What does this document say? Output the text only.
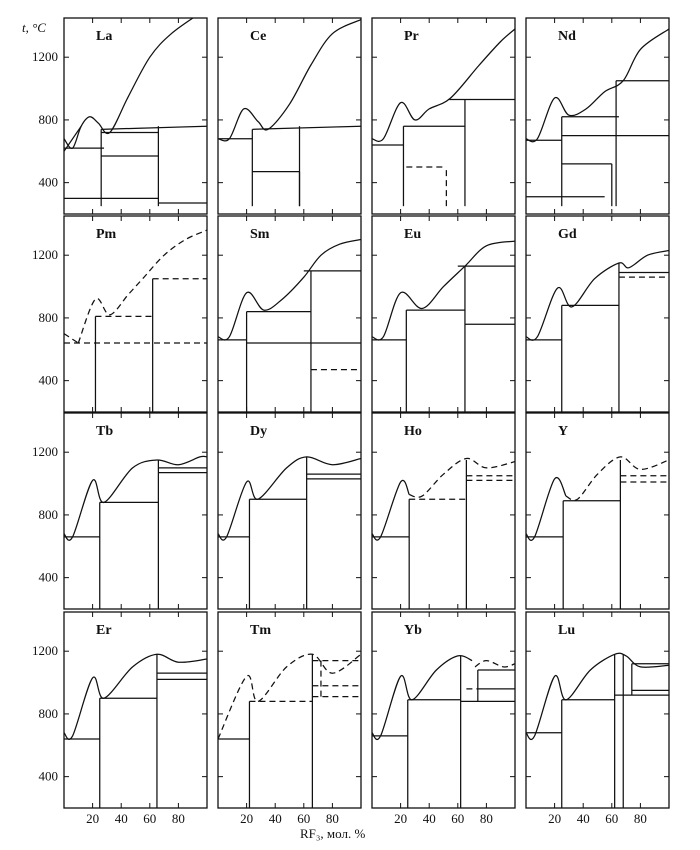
400
800
1200
La	Ce	Pr	Nd
400
800
1200
Pm	Sm	Eu	Gd
400
800
1200
Tb	Dy	Ho	Y
400
800
1200
20 40 60 80
Er
20 40 60 80
Tm
20 40 60 80
Yb
20 40 60 80
Lu
t, °C
RF₃, мол. %
